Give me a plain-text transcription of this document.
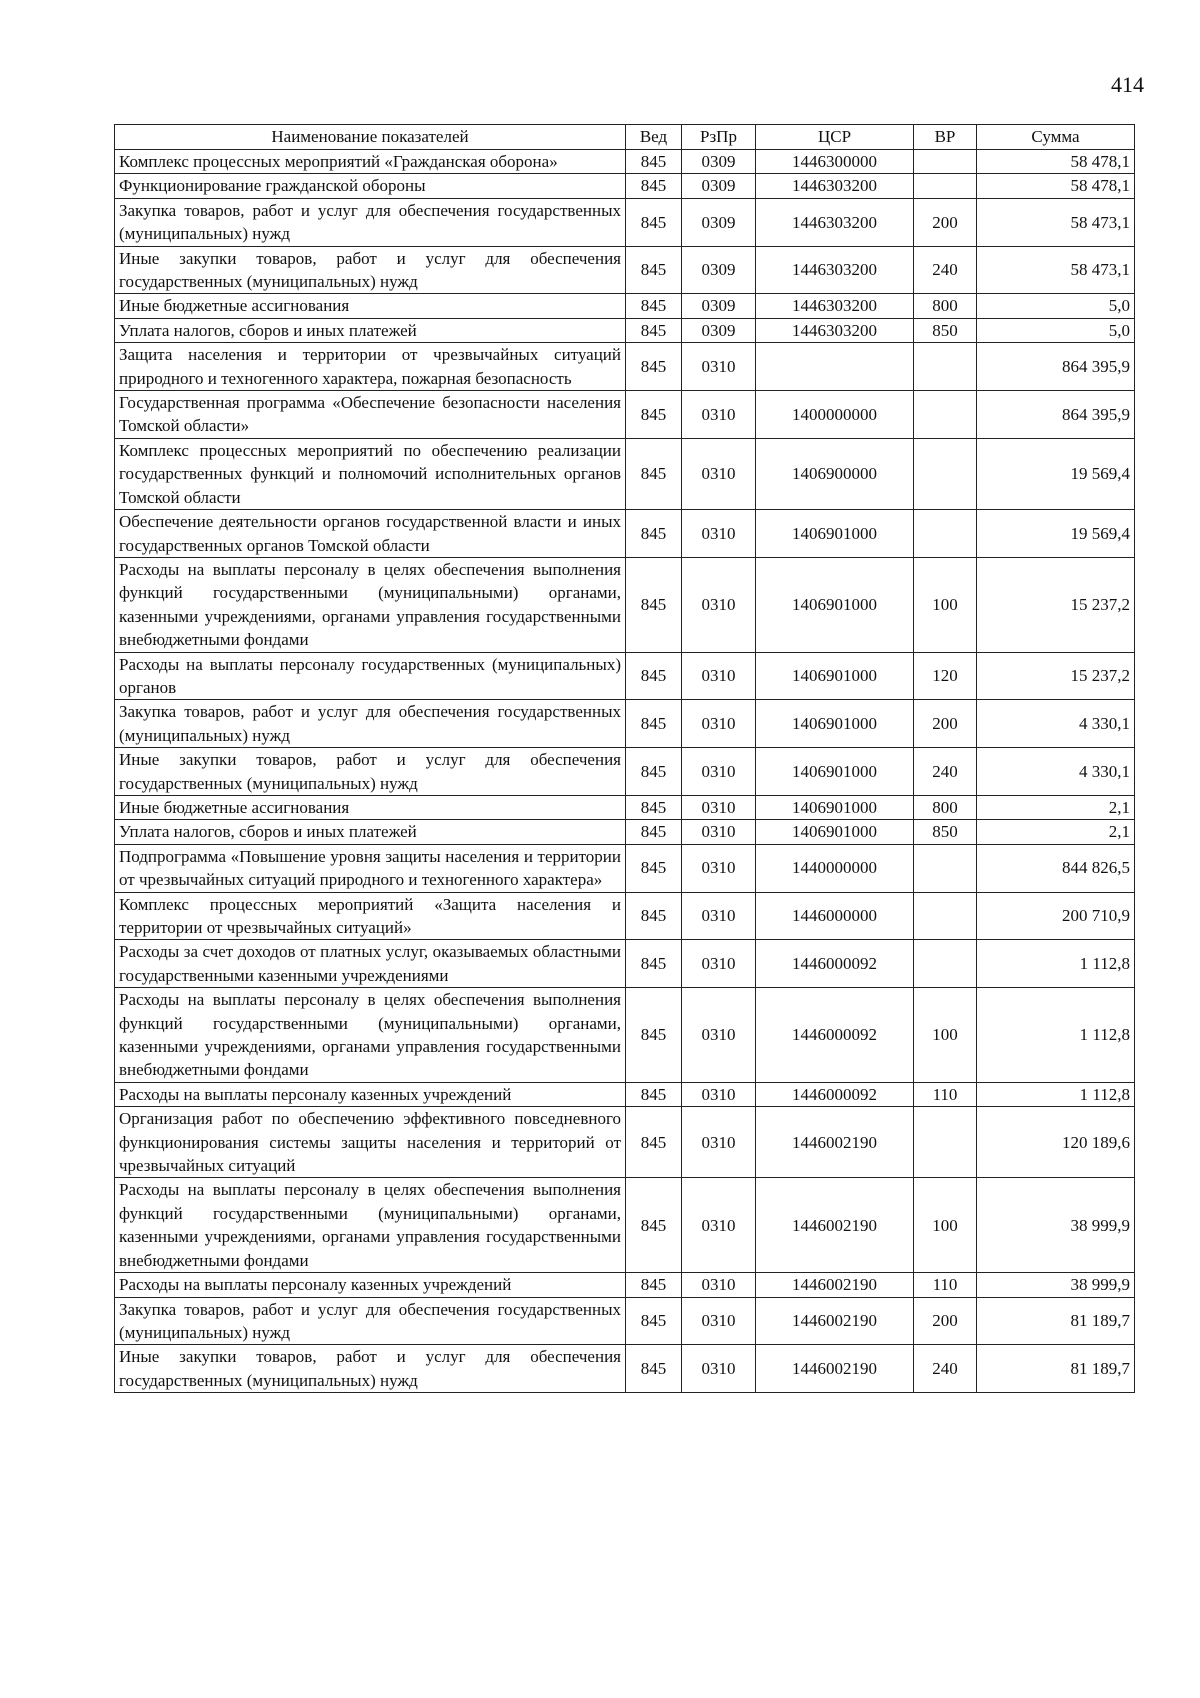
414
Наименование показателей	Вед	РзПр	ЦСР	ВР	Сумма
Комплекс процессных мероприятий «Гражданская оборона»	845	0309	1446300000		58 478,1
Функционирование гражданской обороны	845	0309	1446303200		58 478,1
Закупка товаров, работ и услуг для обеспечения государственных (муниципальных) нужд	845	0309	1446303200	200	58 473,1
Иные закупки товаров, работ и услуг для обеспечения государственных (муниципальных) нужд	845	0309	1446303200	240	58 473,1
Иные бюджетные ассигнования	845	0309	1446303200	800	5,0
Уплата налогов, сборов и иных платежей	845	0309	1446303200	850	5,0
Защита населения и территории от чрезвычайных ситуаций природного и техногенного характера, пожарная безопасность	845	0310			864 395,9
Государственная программа «Обеспечение безопасности населения Томской области»	845	0310	1400000000		864 395,9
Комплекс процессных мероприятий по обеспечению реализации государственных функций и полномочий исполнительных органов Томской области	845	0310	1406900000		19 569,4
Обеспечение деятельности органов государственной власти и иных государственных органов Томской области	845	0310	1406901000		19 569,4
Расходы на выплаты персоналу в целях обеспечения выполнения функций государственными (муниципальными) органами, казенными учреждениями, органами управления государственными внебюджетными фондами	845	0310	1406901000	100	15 237,2
Расходы на выплаты персоналу государственных (муниципальных) органов	845	0310	1406901000	120	15 237,2
Закупка товаров, работ и услуг для обеспечения государственных (муниципальных) нужд	845	0310	1406901000	200	4 330,1
Иные закупки товаров, работ и услуг для обеспечения государственных (муниципальных) нужд	845	0310	1406901000	240	4 330,1
Иные бюджетные ассигнования	845	0310	1406901000	800	2,1
Уплата налогов, сборов и иных платежей	845	0310	1406901000	850	2,1
Подпрограмма «Повышение уровня защиты населения и территории от чрезвычайных ситуаций природного и техногенного характера»	845	0310	1440000000		844 826,5
Комплекс процессных мероприятий «Защита населения и территории от чрезвычайных ситуаций»	845	0310	1446000000		200 710,9
Расходы за счет доходов от платных услуг, оказываемых областными государственными казенными учреждениями	845	0310	1446000092		1 112,8
Расходы на выплаты персоналу в целях обеспечения выполнения функций государственными (муниципальными) органами, казенными учреждениями, органами управления государственными внебюджетными фондами	845	0310	1446000092	100	1 112,8
Расходы на выплаты персоналу казенных учреждений	845	0310	1446000092	110	1 112,8
Организация работ по обеспечению эффективного повседневного функционирования системы защиты населения и территорий от чрезвычайных ситуаций	845	0310	1446002190		120 189,6
Расходы на выплаты персоналу в целях обеспечения выполнения функций государственными (муниципальными) органами, казенными учреждениями, органами управления государственными внебюджетными фондами	845	0310	1446002190	100	38 999,9
Расходы на выплаты персоналу казенных учреждений	845	0310	1446002190	110	38 999,9
Закупка товаров, работ и услуг для обеспечения государственных (муниципальных) нужд	845	0310	1446002190	200	81 189,7
Иные закупки товаров, работ и услуг для обеспечения государственных (муниципальных) нужд	845	0310	1446002190	240	81 189,7
